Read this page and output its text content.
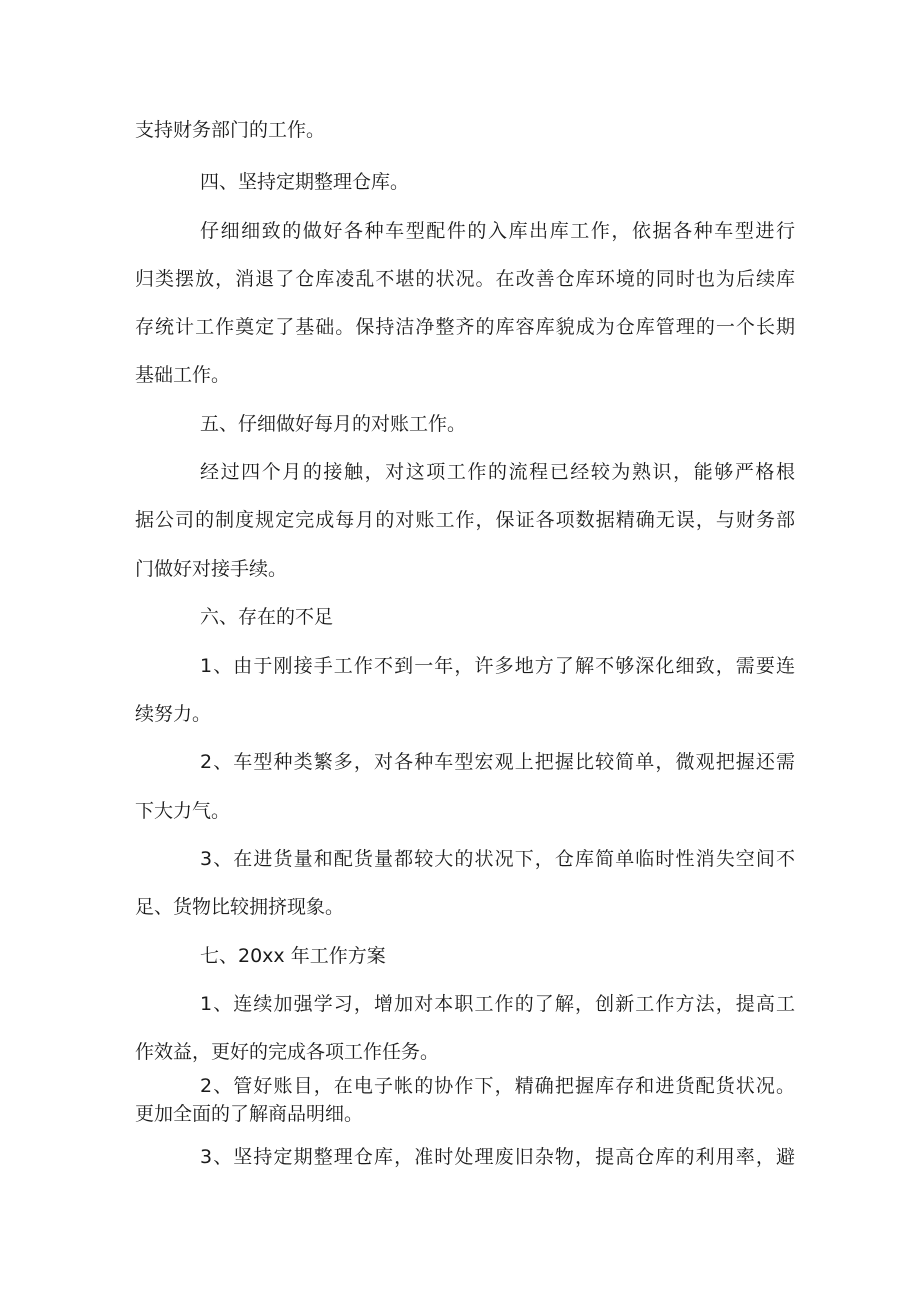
支持财务部门的工作。
四、坚持定期整理仓库。
仔细细致的做好各种车型配件的入库出库工作，依据各种车型进行
归类摆放，消退了仓库凌乱不堪的状况。在改善仓库环境的同时也为后续库
存统计工作奠定了基础。保持洁净整齐的库容库貌成为仓库管理的一个长期
基础工作。
五、仔细做好每月的对账工作。
经过四个月的接触，对这项工作的流程已经较为熟识，能够严格根
据公司的制度规定完成每月的对账工作，保证各项数据精确无误，与财务部
门做好对接手续。
六、存在的不足
1、由于刚接手工作不到一年，许多地方了解不够深化细致，需要连
续努力。
2、车型种类繁多，对各种车型宏观上把握比较简单，微观把握还需
下大力气。
3、在进货量和配货量都较大的状况下，仓库简单临时性消失空间不
足、货物比较拥挤现象。
七、20xx 年工作方案
1、连续加强学习，增加对本职工作的了解，创新工作方法，提高工
作效益，更好的完成各项工作任务。
2、管好账目，在电子帐的协作下，精确把握库存和进货配货状况。
更加全面的了解商品明细。
3、坚持定期整理仓库，准时处理废旧杂物，提高仓库的利用率，避
